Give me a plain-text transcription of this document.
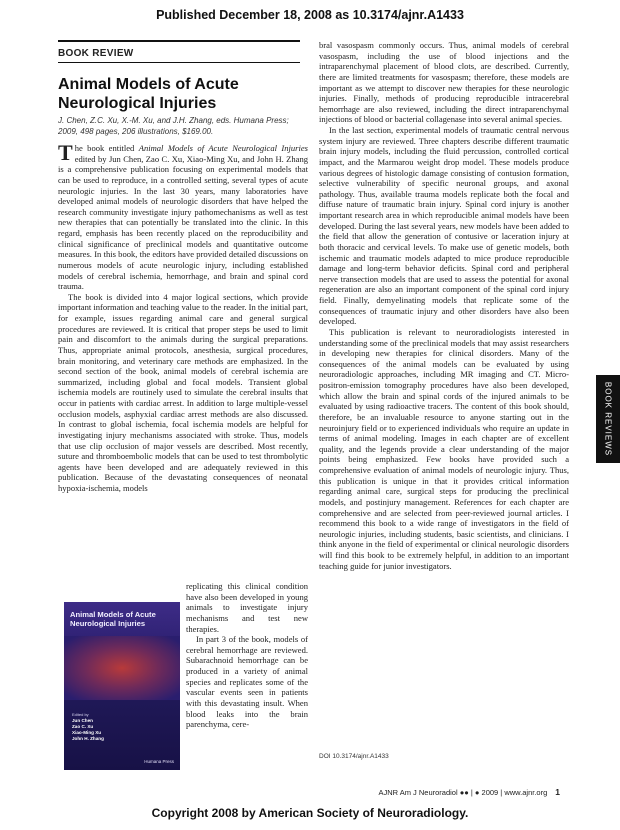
Published December 18, 2008 as 10.3174/ajnr.A1433
BOOK REVIEW
Animal Models of Acute Neurological Injuries
J. Chen, Z.C. Xu, X.-M. Xu, and J.H. Zhang, eds. Humana Press; 2009, 498 pages, 206 illustrations, $169.00.

The book entitled Animal Models of Acute Neurological Injuries edited by Jun Chen, Zao C. Xu, Xiao-Ming Xu, and John H. Zhang is a comprehensive publication focusing on experimental models that can be used to reproduce, in a controlled setting, several types of acute neurologic injuries. In the last 30 years, many laboratories have developed animal models of neurologic disorders that have helped the research community investigate injury pathomechanisms as well as test new therapies that can potentially be translated into the clinic. In this regard, emphasis has been recently placed on the reproducibility and clinical significance of preclinical models and quantitative outcome measures. In this book, the editors have provided detailed discussions on numerous models of acute neurologic injury, including established models of cerebral ischemia, hemorrhage, and brain and spinal cord trauma.

The book is divided into 4 major logical sections, which provide important information and teaching value to the reader. In the initial part, for example, issues regarding animal care and general surgical procedures are reviewed. It is critical that proper steps be used to limit pain and discomfort to the animals during the surgical preparations. Thus, appropriate animal protocols, anesthesia, surgical procedures, brain monitoring, and veterinary care methods are emphasized. In the second section of the book, animal models of cerebral ischemia are summarized, including global and focal models. Transient global ischemia models are routinely used to simulate the cerebral insults that occur in patients with cardiac arrest. In addition to large multiple-vessel occlusion models, asphyxial cardiac arrest methods are also discussed. In contrast to global ischemia, focal ischemia models are helpful for investigating injury mechanisms associated with stroke. Thus, models that use clip occlusion of major vessels are described. Most recently, suture and thromboembolic models that can be used to test thrombolytic agents have been developed and are adequately reviewed in this publication. Because of the devastating consequences of neonatal hypoxia-ischemia, models

Animal Models of Acute Neurological Injuries
Edited by
Jun Chen
Zao C. Xu
Xiao-Ming Xu
John H. Zhang
Humana Press

replicating this clinical condition have also been developed in young animals to investigate injury mechanisms and test new therapies.

In part 3 of the book, models of cerebral hemorrhage are reviewed. Subarachnoid hemorrhage can be produced in a variety of animal species and replicates some of the vascular events seen in patients with this devastating insult. When blood leaks into the brain parenchyma, cere-

bral vasospasm commonly occurs. Thus, animal models of cerebral vasospasm, including the use of blood injections and the intraparenchymal placement of blood clots, are described. Currently, there are limited treatments for vasospasm; therefore, these models are important as we attempt to discover new therapies for these neurologic injuries. Finally, methods of producing reproducible intracerebral hemorrhage are also reviewed, including the direct intraparenchymal injections of blood or bacterial collagenase into several animal species.

In the last section, experimental models of traumatic central nervous system injury are reviewed. Three chapters describe different traumatic brain injury models, including the fluid percussion, controlled cortical impact, and the Marmarou weight drop model. These models produce various degrees of histologic damage consisting of contusion formation, selective vulnerability of specific neuronal groups, and axonal pathology. Thus, available trauma models replicate both the focal and diffuse nature of traumatic brain injury. Spinal cord injury is another important research area in which reproducible animal models have been developed. During the last several years, new models have been added to the field that allow the generation of contusive or laceration injury at both thoracic and cervical levels. To make use of genetic models, both ischemic and traumatic models adapted to mice produce reproducible damage and long-term behavior deficits. Spinal cord and peripheral nerve transection models that are used to assess the potential for axonal regeneration are also an important component of the spinal cord injury field. Finally, demyelinating models that replicate some of the consequences of traumatic injury and other disorders have also been developed.

This publication is relevant to neuroradiologists interested in understanding some of the preclinical models that may assist researchers in developing new therapies for clinical disorders. Many of the consequences of the animal models can be evaluated by using neuroradiologic approaches, including MR imaging and CT. Micro-positron-emission tomography procedures have also been developed, which allow the brain and spinal cords of the injured animals to be evaluated by using radioactive tracers. The content of this book should, therefore, be an invaluable resource to anyone starting out in the neuroinjury field or to experienced individuals who require an update in terms of animal modeling. Images in each chapter are of excellent quality, and the legends provide a clear understanding of the major points being emphasized. Few books have provided such a comprehensive evaluation of animal models of neurologic injury. Thus, this publication is unique in that it provides critical information regarding animal care, surgical steps for producing the preclinical models, and postinjury management. References for each chapter are comprehensive and are selected from peer-reviewed journal articles. I recommend this book to a wide range of investigators in the field of neurologic injuries, including students, basic scientists, and clinicians. I think anyone in the field of experimental or clinical neurologic disorders will find this book to be extremely helpful, in addition to an important teaching guide for junior investigators.

DOI 10.3174/ajnr.A1433
BOOK REVIEWS
AJNR Am J Neuroradiol ●● | ● 2009 | www.ajnr.org 1
Copyright 2008 by American Society of Neuroradiology.
